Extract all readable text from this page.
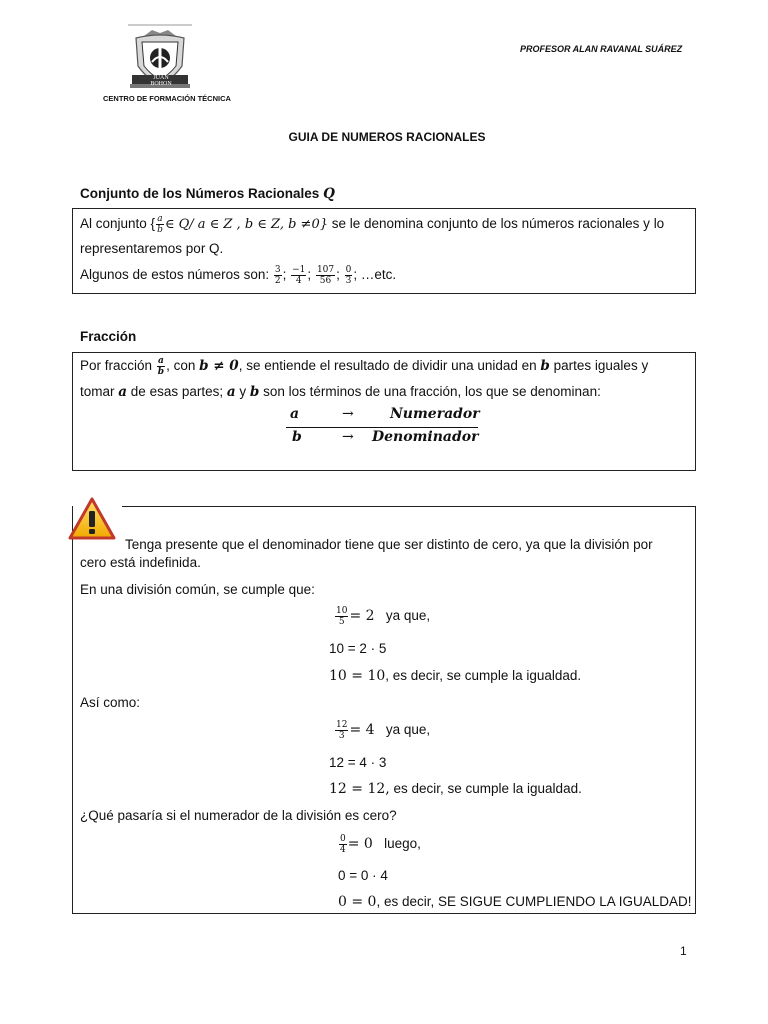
JUAN BOHON
CENTRO DE FORMACIÓN TÉCNICA
PROFESOR ALAN RAVANAL SUÁREZ
GUIA DE NUMEROS RACIONALES
Conjunto de los Números Racionales Q
Al conjunto { $\frac{a}{b}$ ∈ Q/ a ∈ Z , b ∈ Z, b ≠0} se le denomina conjunto de los números racionales y lo
representaremos por Q.
Algunos de estos números son: $\frac{3}{2}$ ; $\frac{-1}{4}$ ; $\frac{107}{56}$ ; $\frac{0}{3}$ ; …etc.
Fracción
Por fracción $\frac{a}{b}$ , con b ≠ 0, se entiende el resultado de dividir una unidad en b partes iguales y
tomar a de esas partes; a y b son los términos de una fracción, los que se denominan:
a	→	Numerador
b	→ Denominador
Tenga presente que el denominador tiene que ser distinto de cero, ya que la división por
cero está indefinida.
En una división común, se cumple que:
$\frac{10}{5} = 2$ ya que,
10 = 2 · 5
10 = 10, es decir, se cumple la igualdad.
Así como:
$\frac{12}{3} = 4$ ya que,
12 = 4 · 3
12 = 12, es decir, se cumple la igualdad.
¿Qué pasaría si el numerador de la división es cero?
$\frac{0}{4} = 0$ luego,
0 = 0 · 4
0 = 0, es decir, SE SIGUE CUMPLIENDO LA IGUALDAD!
1
